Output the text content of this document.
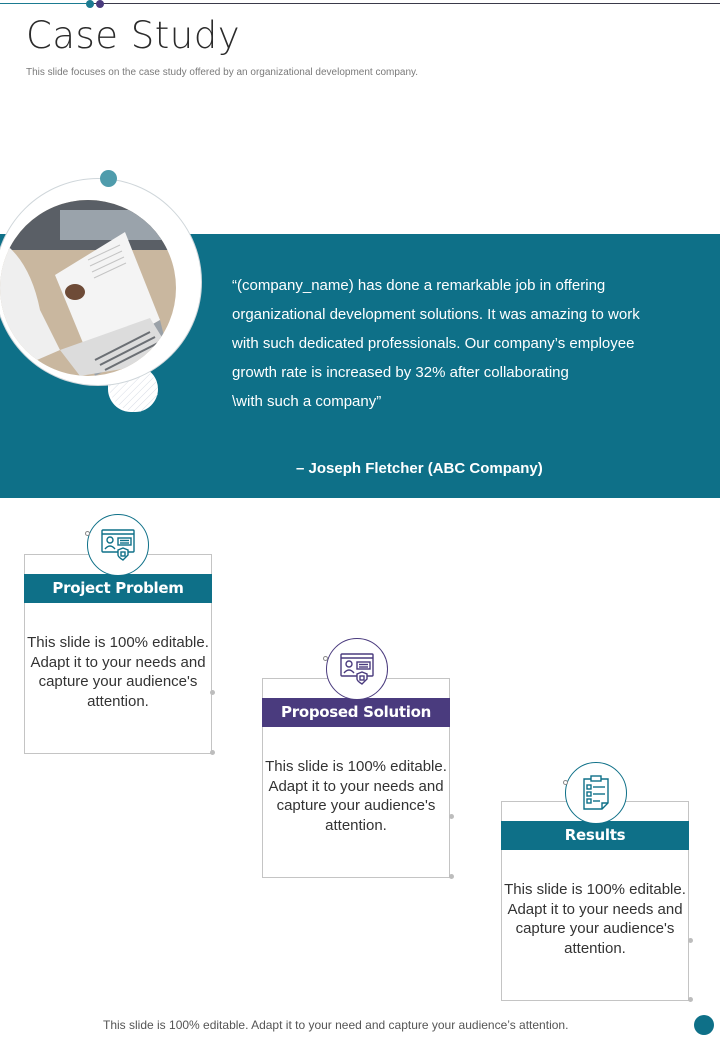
Case Study
This slide focuses on the case study offered by an organizational development company.

“(company_name) has done a remarkable job in offering

organizational development solutions. It was amazing to work

with such dedicated professionals. Our company’s employee

growth rate is increased by 32% after collaborating

\with such a company”

– Joseph Fletcher (ABC Company)
Project Problem
This slide is 100% editable. Adapt it to your needs and capture your audience's attention.
Proposed Solution
This slide is 100% editable. Adapt it to your needs and capture your audience's attention.
Results
This slide is 100% editable. Adapt it to your needs and capture your audience's attention.
This slide is 100% editable. Adapt it to your need and capture your audience’s attention.
